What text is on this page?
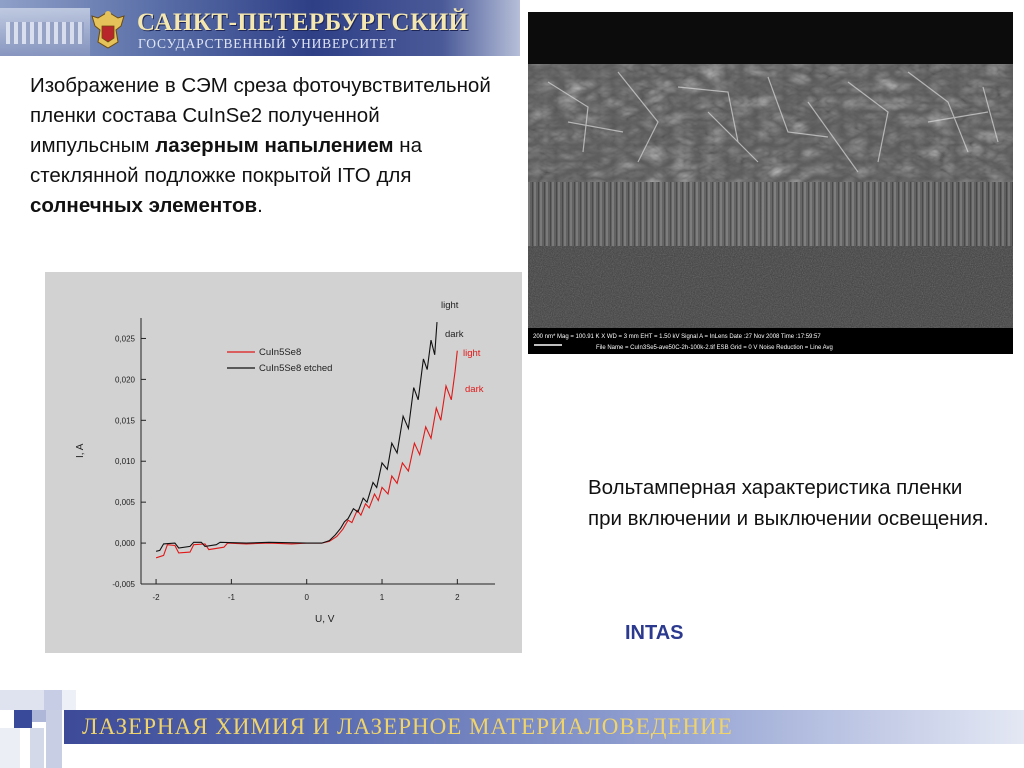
САНКТ-ПЕТЕРБУРГСКИЙ
ГОСУДАРСТВЕННЫЙ УНИВЕРСИТЕТ

Изображение в СЭМ среза фоточувствительной пленки состава CuInSe2 полученной импульсным лазерным напылением на стеклянной подложке покрытой ITO для солнечных элементов.

200 nm* Mag = 100.91 K X WD = 3 mm EHT = 1.50 kV Signal A = InLens Date :27 Nov 2008 Time :17:59:57
File Name = CuIn3Se5-ave50C-2h-100k-2.tif ESB Grid = 0 V Noise Reduction = Line Avg
-0,005
0,000
0,005
0,010
0,015
0,020
0,025
-2	-1	0	1	2
CuIn5Se8
CuIn5Se8 etched
light
dark
light
dark
U, V
I, A

Вольтамперная характеристика пленки при включении и выключении освещения.

INTAS
ЛАЗЕРНАЯ ХИМИЯ И ЛАЗЕРНОЕ МАТЕРИАЛОВЕДЕНИЕ
